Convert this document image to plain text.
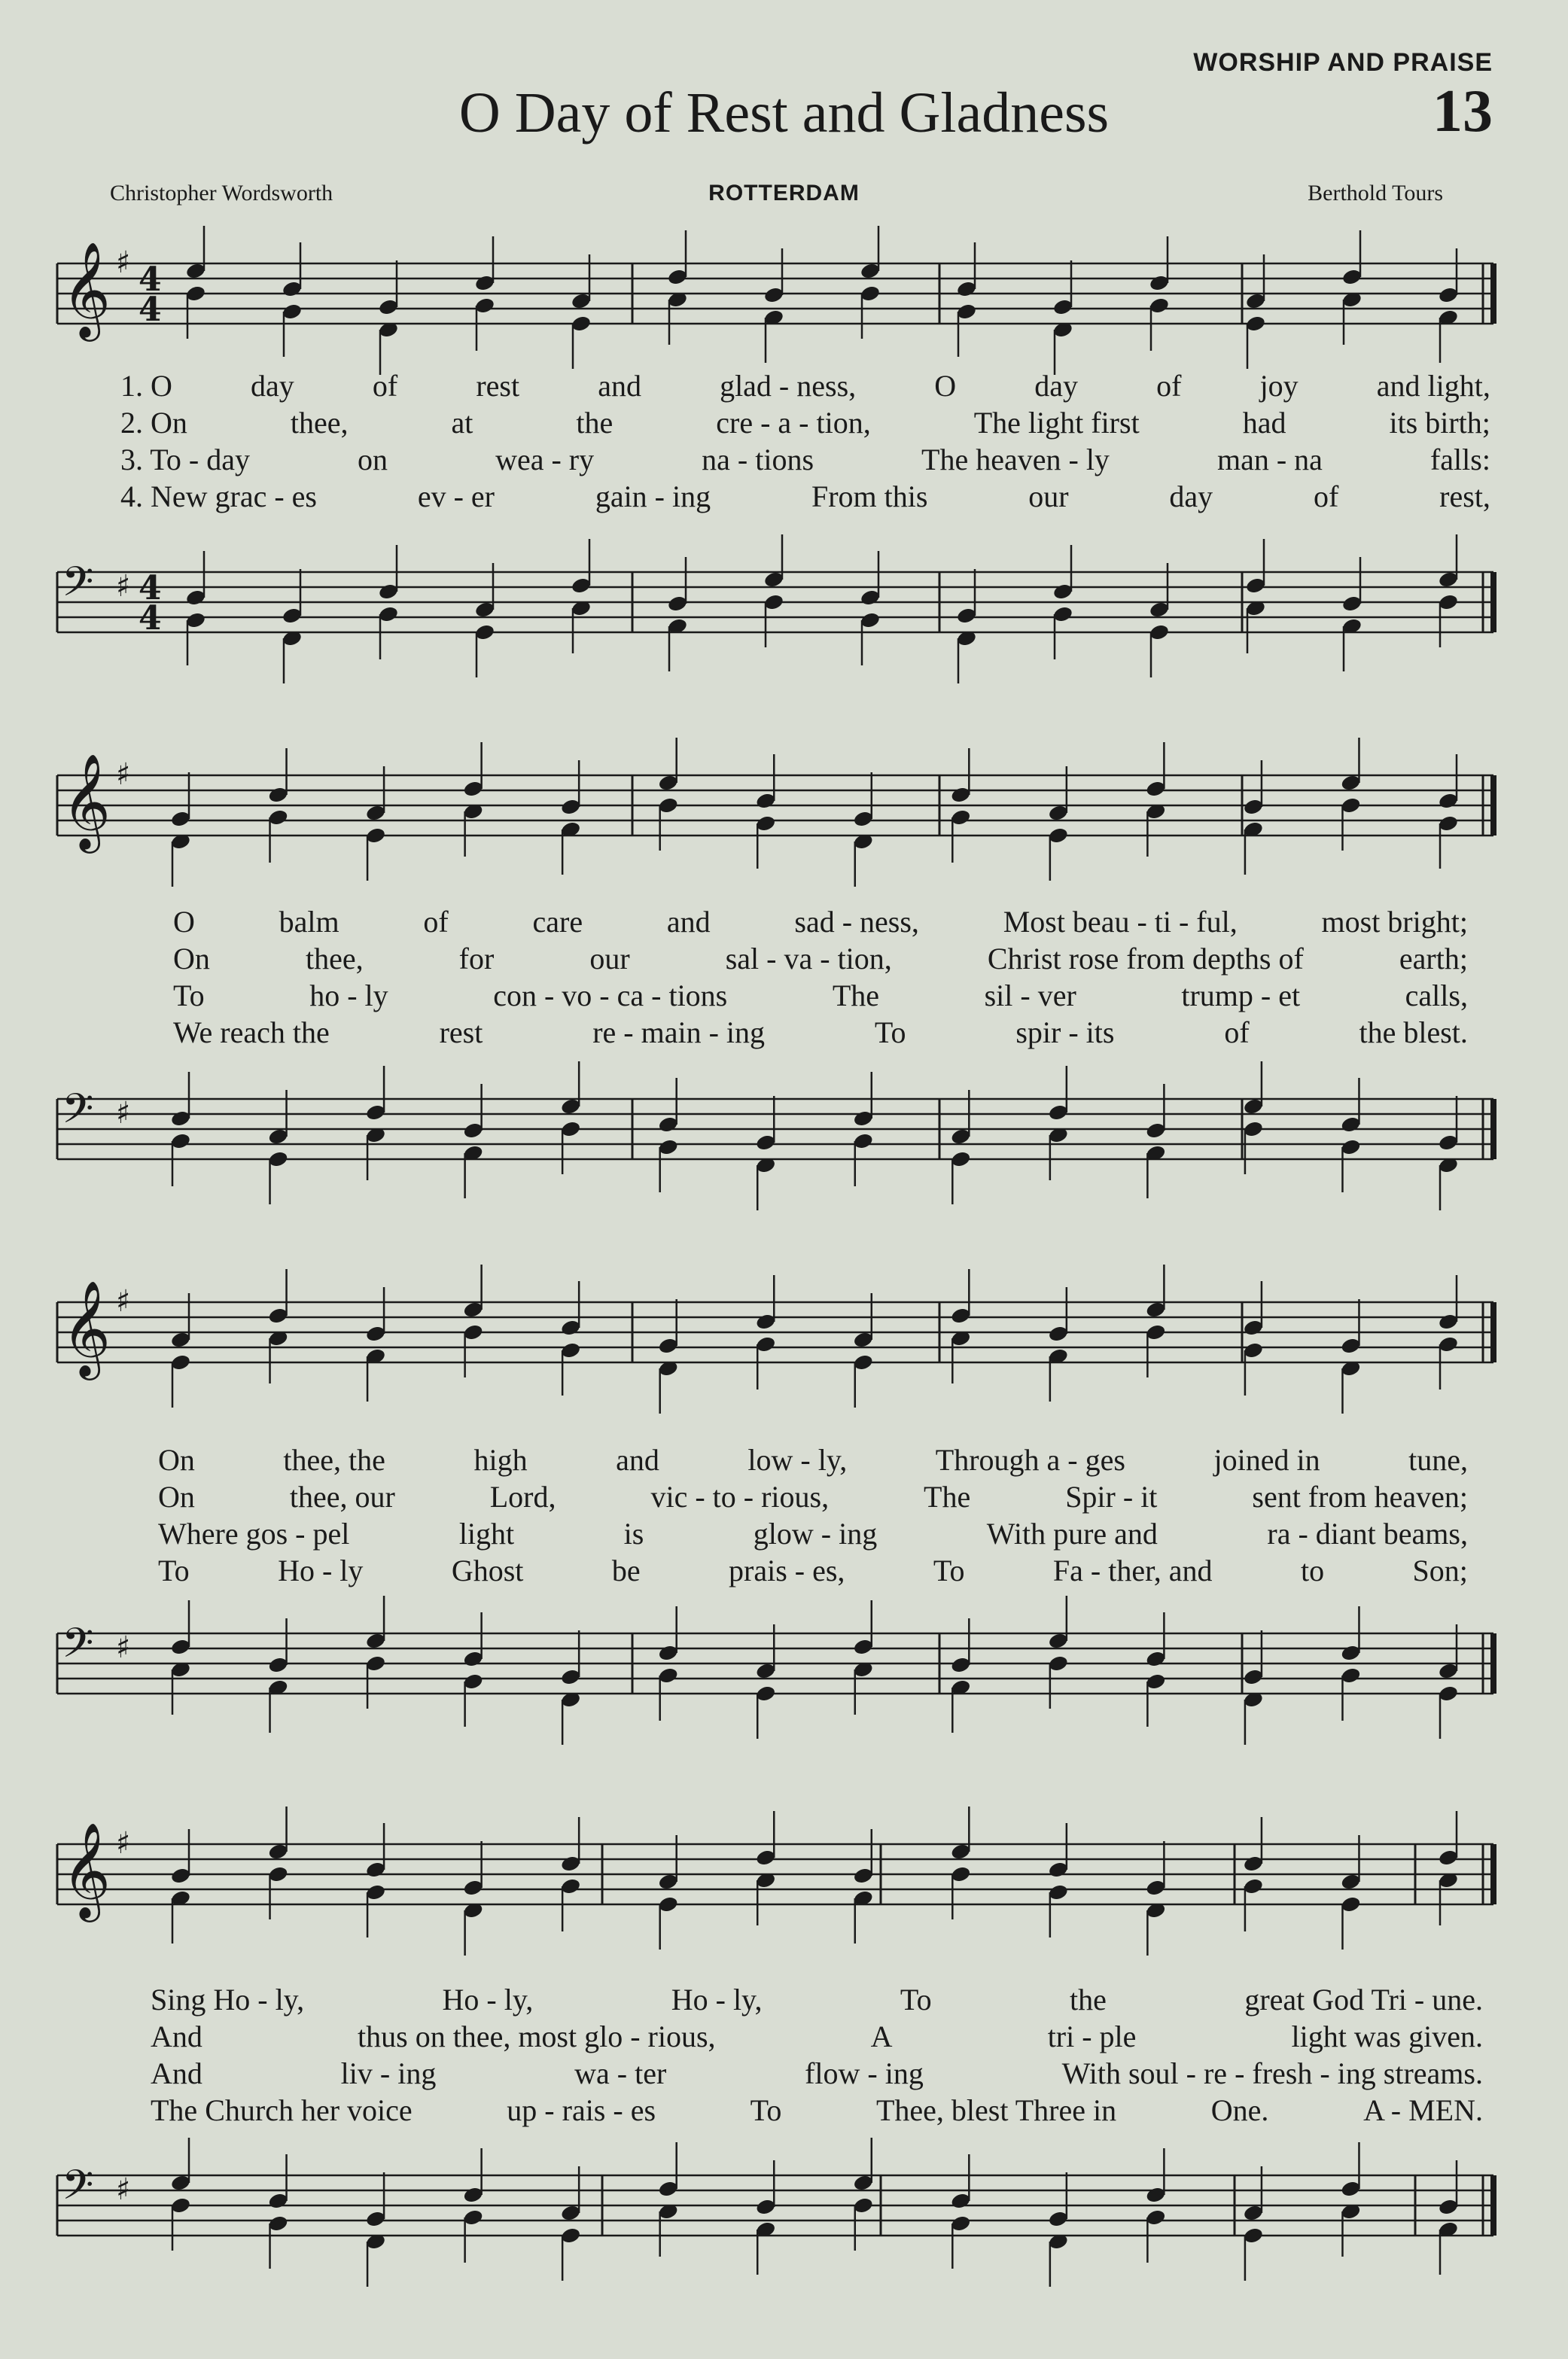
WORSHIP AND PRAISE
O Day of Rest and Gladness	13
Christopher Wordsworth	ROTTERDAM	Berthold Tours
𝄞 ♯ 4
4
1. O	day	of	rest	and	glad - ness,	O	day	of	joy	and light,
2. On	thee,	at	the	cre - a - tion,	The light first	had	its birth;
3. To - day	on	wea - ry	na - tions	The heaven - ly	man - na	falls:
4. New grac - es	ev - er	gain - ing	From this	our	day	of	rest,
𝄢 ♯ 4
4
𝄞 ♯
O	balm	of	care	and	sad - ness,	Most beau - ti - ful,	most bright;
On	thee,	for	our	sal - va - tion,	Christ rose from depths of	earth;
To	ho - ly	con - vo - ca - tions	The	sil - ver	trump - et	calls,
We reach the	rest	re - main - ing	To	spir - its	of	the blest.
𝄢 ♯
𝄞 ♯
On	thee, the	high	and	low - ly,	Through a - ges	joined in	tune,
On	thee, our	Lord,	vic - to - rious,	The	Spir - it	sent from heaven;
Where gos - pel	light	is	glow - ing	With pure and	ra - diant beams,
To	Ho - ly	Ghost	be	prais - es,	To	Fa - ther, and	to	Son;
𝄢 ♯
𝄞 ♯
Sing Ho - ly,	Ho - ly,	Ho - ly,	To	the	great God Tri - une.
And	thus on thee, most glo - rious,	A	tri - ple	light was given.
And	liv - ing	wa - ter	flow - ing	With soul - re - fresh - ing streams.
The Church her voice	up - rais - es	To	Thee, blest Three in	One.	A - MEN.
𝄢 ♯
